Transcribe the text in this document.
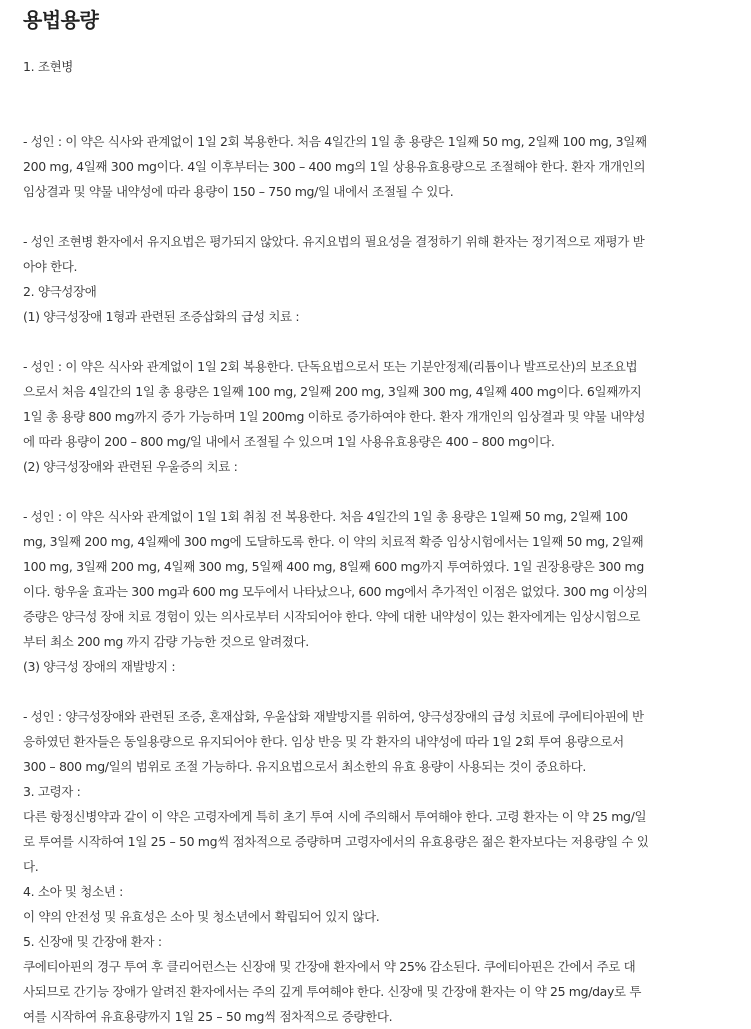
용법용량
1. 조현병
- 성인 : 이 약은 식사와 관계없이 1일 2회 복용한다. 처음 4일간의 1일 총 용량은 1일째 50 mg, 2일째 100 mg, 3일째
200 mg, 4일째 300 mg이다. 4일 이후부터는 300 – 400 mg의 1일 상용유효용량으로 조절해야 한다. 환자 개개인의
임상결과 및 약물 내약성에 따라 용량이 150 – 750 mg/일 내에서 조절될 수 있다.
- 성인 조현병 환자에서 유지요법은 평가되지 않았다. 유지요법의 필요성을 결정하기 위해 환자는 정기적으로 재평가 받
아야 한다.
2. 양극성장애
(1) 양극성장애 1형과 관련된 조증삽화의 급성 치료 :
- 성인 : 이 약은 식사와 관계없이 1일 2회 복용한다. 단독요법으로서 또는 기분안정제(리튬이나 발프로산)의 보조요법
으로서 처음 4일간의 1일 총 용량은 1일째 100 mg, 2일째 200 mg, 3일째 300 mg, 4일째 400 mg이다. 6일째까지
1일 총 용량 800 mg까지 증가 가능하며 1일 200mg 이하로 증가하여야 한다. 환자 개개인의 임상결과 및 약물 내약성
에 따라 용량이 200 – 800 mg/일 내에서 조절될 수 있으며 1일 사용유효용량은 400 – 800 mg이다.
(2) 양극성장애와 관련된 우울증의 치료 :
- 성인 : 이 약은 식사와 관계없이 1일 1회 취침 전 복용한다. 처음 4일간의 1일 총 용량은 1일째 50 mg, 2일째 100
mg, 3일째 200 mg, 4일째에 300 mg에 도달하도록 한다. 이 약의 치료적 확증 임상시험에서는 1일째 50 mg, 2일째
100 mg, 3일째 200 mg, 4일째 300 mg, 5일째 400 mg, 8일째 600 mg까지 투여하였다. 1일 권장용량은 300 mg
이다. 항우울 효과는 300 mg과 600 mg 모두에서 나타났으나, 600 mg에서 추가적인 이점은 없었다. 300 mg 이상의
증량은 양극성 장애 치료 경험이 있는 의사로부터 시작되어야 한다. 약에 대한 내약성이 있는 환자에게는 임상시험으로
부터 최소 200 mg 까지 감량 가능한 것으로 알려졌다.
(3) 양극성 장애의 재발방지 :
- 성인 : 양극성장애와 관련된 조증, 혼재삽화, 우울삽화 재발방지를 위하여, 양극성장애의 급성 치료에 쿠에티아핀에 반
응하였던 환자들은 동일용량으로 유지되어야 한다. 임상 반응 및 각 환자의 내약성에 따라 1일 2회 투여 용량으로서
300 – 800 mg/일의 범위로 조절 가능하다. 유지요법으로서 최소한의 유효 용량이 사용되는 것이 중요하다.
3. 고령자 :
다른 항정신병약과 같이 이 약은 고령자에게 특히 초기 투여 시에 주의해서 투여해야 한다. 고령 환자는 이 약 25 mg/일
로 투여를 시작하여 1일 25 – 50 mg씩 점차적으로 증량하며 고령자에서의 유효용량은 젊은 환자보다는 저용량일 수 있
다.
4. 소아 및 청소년 :
이 약의 안전성 및 유효성은 소아 및 청소년에서 확립되어 있지 않다.
5. 신장애 및 간장애 환자 :
쿠에티아핀의 경구 투여 후 클리어런스는 신장애 및 간장애 환자에서 약 25% 감소된다. 쿠에티아핀은 간에서 주로 대
사되므로 간기능 장애가 알려진 환자에서는 주의 깊게 투여해야 한다. 신장애 및 간장애 환자는 이 약 25 mg/day로 투
여를 시작하여 유효용량까지 1일 25 – 50 mg씩 점차적으로 증량한다.
